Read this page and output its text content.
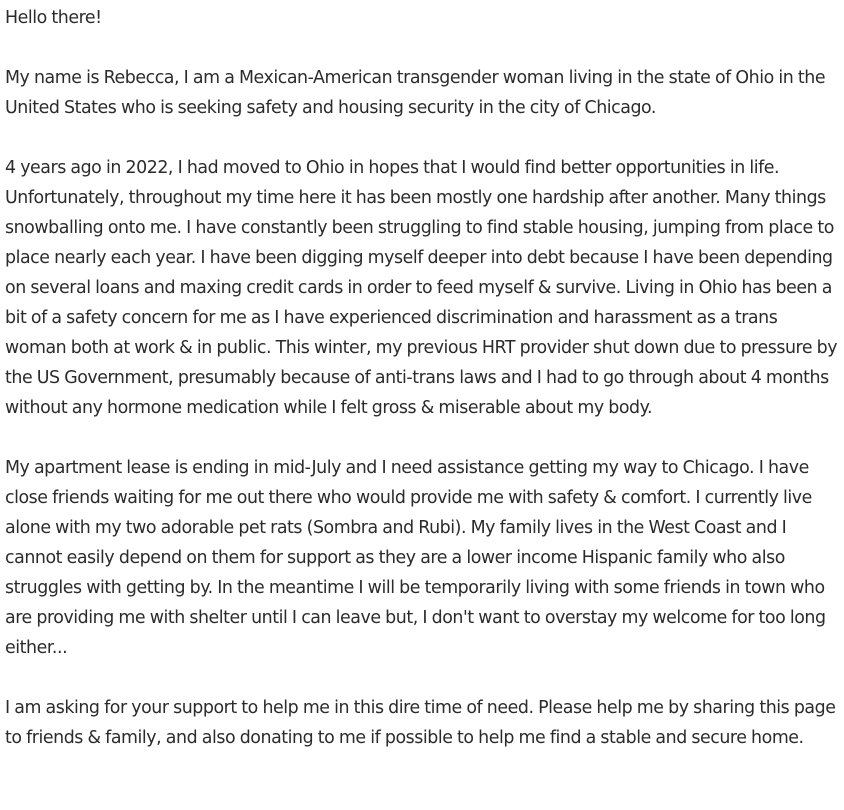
Hello there!

My name is Rebecca, I am a Mexican-American transgender woman living in the state of Ohio in the United States who is seeking safety and housing security in the city of Chicago.

4 years ago in 2022, I had moved to Ohio in hopes that I would find better opportunities in life. Unfortunately, throughout my time here it has been mostly one hardship after another. Many things snowballing onto me. I have constantly been struggling to find stable housing, jumping from place to place nearly each year. I have been digging myself deeper into debt because I have been depending on several loans and maxing credit cards in order to feed myself & survive. Living in Ohio has been a bit of a safety concern for me as I have experienced discrimination and harassment as a trans woman both at work & in public. This winter, my previous HRT provider shut down due to pressure by the US Government, presumably because of anti-trans laws and I had to go through about 4 months without any hormone medication while I felt gross & miserable about my body.

My apartment lease is ending in mid-July and I need assistance getting my way to Chicago. I have close friends waiting for me out there who would provide me with safety & comfort. I currently live alone with my two adorable pet rats (Sombra and Rubi). My family lives in the West Coast and I cannot easily depend on them for support as they are a lower income Hispanic family who also struggles with getting by. In the meantime I will be temporarily living with some friends in town who are providing me with shelter until I can leave but, I don't want to overstay my welcome for too long either...

I am asking for your support to help me in this dire time of need. Please help me by sharing this page to friends & family, and also donating to me if possible to help me find a stable and secure home.
